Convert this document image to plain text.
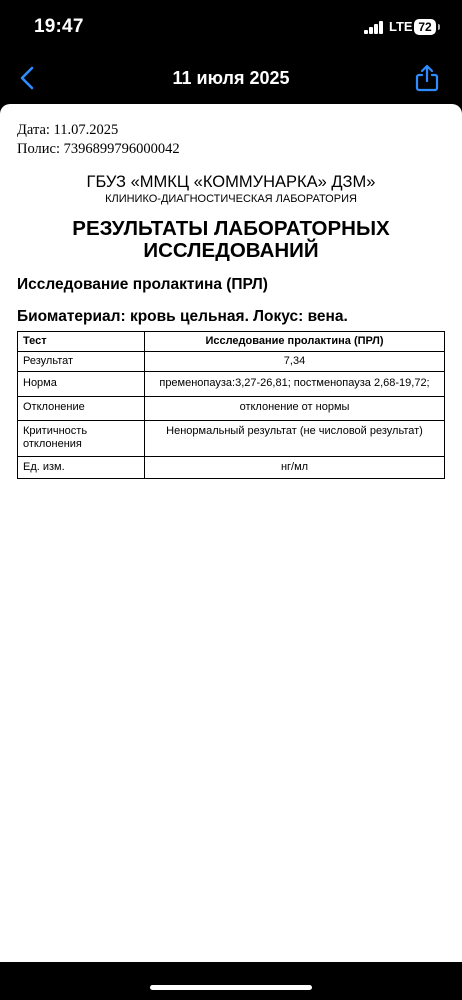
19:47	LTE 72
11 июля 2025
Дата: 11.07.2025
Полис: 7396899796000042
ГБУЗ «ММКЦ «КОММУНАРКА» ДЗМ»
КЛИНИКО-ДИАГНОСТИЧЕСКАЯ ЛАБОРАТОРИЯ
РЕЗУЛЬТАТЫ ЛАБОРАТОРНЫХ
ИССЛЕДОВАНИЙ
Исследование пролактина (ПРЛ)
Биоматериал: кровь цельная. Локус: вена.
Тест	Исследование пролактина (ПРЛ)
Результат	7,34
Норма	пременопауза:3,27-26,81; постменопауза 2,68-19,72;
Отклонение	отклонение от нормы
Критичность отклонения	Ненормальный результат (не числовой результат)
Ед. изм.	нг/мл
